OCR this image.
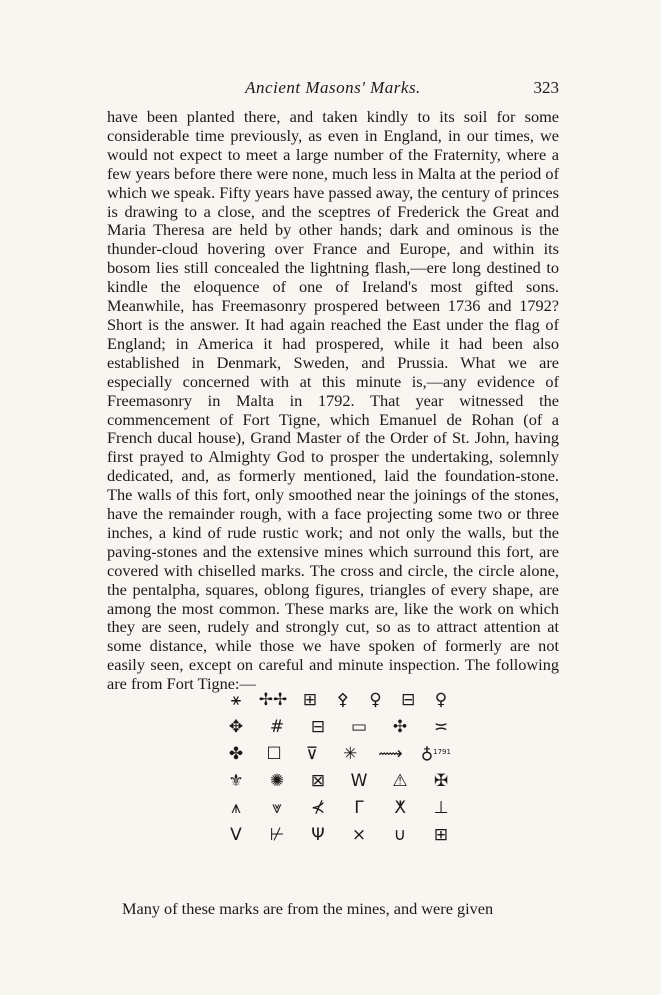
Ancient Masons' Marks.	323

have been planted there, and taken kindly to its soil for some considerable time previously, as even in England, in our times, we would not expect to meet a large number of the Fraternity, where a few years before there were none, much less in Malta at the period of which we speak. Fifty years have passed away, the century of princes is drawing to a close, and the sceptres of Frederick the Great and Maria Theresa are held by other hands; dark and ominous is the thunder-cloud hovering over France and Europe, and within its bosom lies still concealed the lightning flash,—ere long destined to kindle the eloquence of one of Ireland's most gifted sons. Meanwhile, has Freemasonry prospered between 1736 and 1792? Short is the answer. It had again reached the East under the flag of England; in America it had prospered, while it had been also established in Denmark, Sweden, and Prussia. What we are especially concerned with at this minute is,—any evidence of Freemasonry in Malta in 1792. That year witnessed the commencement of Fort Tigne, which Emanuel de Rohan (of a French ducal house), Grand Master of the Order of St. John, having first prayed to Almighty God to prosper the undertaking, solemnly dedicated, and, as formerly mentioned, laid the foundation-stone. The walls of this fort, only smoothed near the joinings of the stones, have the remainder rough, with a face projecting some two or three inches, a kind of rude rustic work; and not only the walls, but the paving-stones and the extensive mines which surround this fort, are covered with chiselled marks. The cross and circle, the circle alone, the pentalpha, squares, oblong figures, triangles of every shape, are among the most common. These marks are, like the work on which they are seen, rudely and strongly cut, so as to attract attention at some distance, while those we have spoken of formerly are not easily seen, except on careful and minute inspection. The following are from Fort Tigne:—

⚹ ✢✢ ⊞ ⚴ ♀ ⊟ ♀
✥ # ⊟ ▭ ✣ ≍
✤ ☐ ⊽ ✳ ⟿ ♁$^{1791}$
⚜ ✺ ⊠ W ⚠ ✠
⩚	⩔	⊀	Γ	ⵅ ⊥
V ⊬ Ψ ⨯ ∪ ⊞
Many of these marks are from the mines, and were given
